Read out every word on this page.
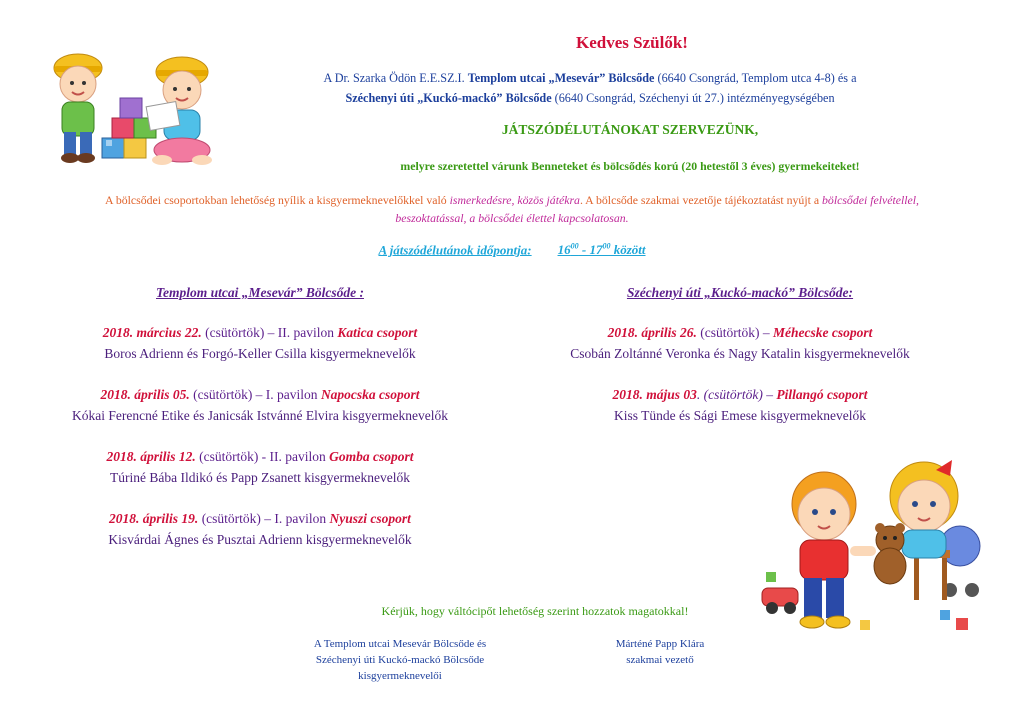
Kedves Szülők!
A Dr. Szarka Ödön E.E.SZ.I. Templom utcai „Mesevár” Bölcsőde (6640 Csongrád, Templom utca 4-8) és a
Széchenyi úti „Kuckó-mackó” Bölcsőde (6640 Csongrád, Széchenyi út 27.) intézményegységében
JÁTSZÓDÉLUTÁNOKAT SZERVEZÜNK,
melyre szeretettel várunk Benneteket és bölcsődés korú (20 hetestől 3 éves) gyermekeiteket!
A bölcsődei csoportokban lehetőség nyílik a kisgyermeknevelőkkel való ismerkedésre, közös játékra. A bölcsőde szakmai vezetője tájékoztatást nyújt a bölcsődei felvétellel,
beszoktatással, a bölcsődei élettel kapcsolatosan.
A játszódélutánok időpontja: $16^{00} - 17^{00}$ között
Templom utcai „Mesevár” Bölcsőde :	Széchenyi úti „Kuckó-mackó” Bölcsőde:
2018. március 22. (csütörtök) – II. pavilon Katica csoport
Boros Adrienn és Forgó-Keller Csilla kisgyermeknevelők
2018. április 05. (csütörtök) – I. pavilon Napocska csoport
Kókai Ferencné Etike és Janicsák Istvánné Elvira kisgyermeknevelők
2018. április 12. (csütörtök) - II. pavilon Gomba csoport
Túriné Bába Ildikó és Papp Zsanett kisgyermeknevelők
2018. április 19. (csütörtök) – I. pavilon Nyuszi csoport
Kisvárdai Ágnes és Pusztai Adrienn kisgyermeknevelők
2018. április 26. (csütörtök) – Méhecske csoport
Csobán Zoltánné Veronka és Nagy Katalin kisgyermeknevelők
2018. május 03. (csütörtök) – Pillangó csoport
Kiss Tünde és Sági Emese kisgyermeknevelők
Kérjük, hogy váltócipőt lehetőség szerint hozzatok magatokkal!
A Templom utcai Mesevár Bölcsőde és
Széchenyi úti Kuckó-mackó Bölcsőde
kisgyermeknevelői
Márténé Papp Klára
szakmai vezető
